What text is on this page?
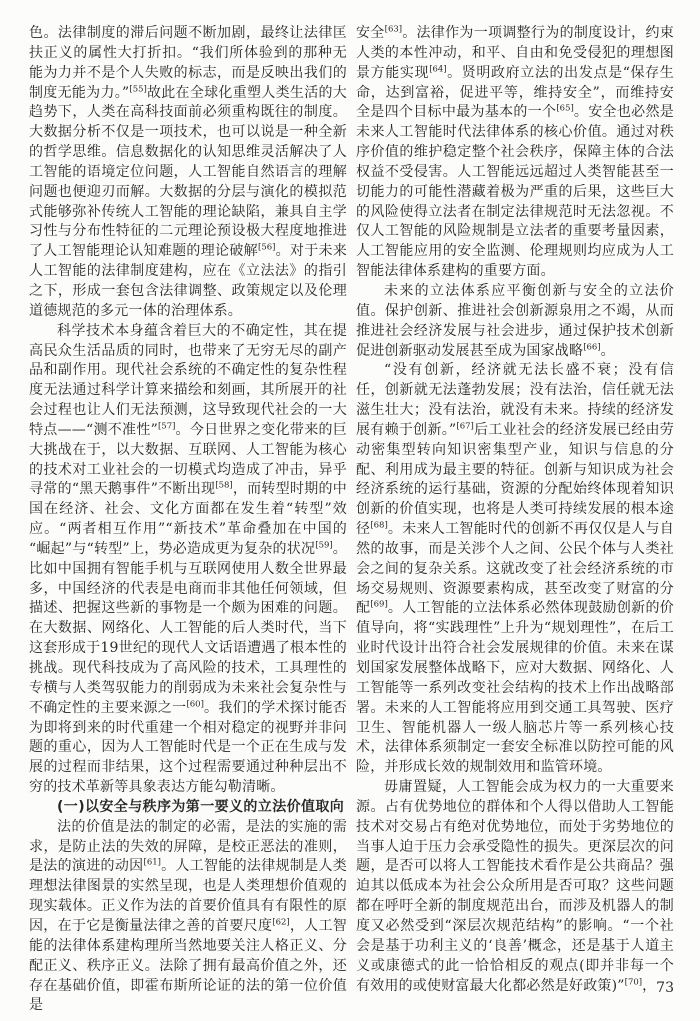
色。法律制度的滞后问题不断加剧，最终让法律匡扶正义的属性大打折扣。“我们所体验到的那种无能为力并不是个人失败的标志，而是反映出我们的制度无能为力。”[55]故此在全球化重塑人类生活的大趋势下，人类在高科技面前必须重构既往的制度。大数据分析不仅是一项技术，也可以说是一种全新的哲学思维。信息数据化的认知思维灵活解决了人工智能的语境定位问题，人工智能自然语言的理解问题也便迎刃而解。大数据的分层与演化的模拟范式能够弥补传统人工智能的理论缺陷，兼具自主学习性与分布性特征的二元理论预设极大程度地推进了人工智能理论认知难题的理论破解[56]。对于未来人工智能的法律制度建构，应在《立法法》的指引之下，形成一套包含法律调整、政策规定以及伦理道德规范的多元一体的治理体系。

科学技术本身蕴含着巨大的不确定性，其在提高民众生活品质的同时，也带来了无穷无尽的副产品和副作用。现代社会系统的不确定性的复杂性程度无法通过科学计算来描绘和刻画，其所展开的社会过程也让人们无法预测，这导致现代社会的一大特点——“测不准性”[57]。今日世界之变化带来的巨大挑战在于，以大数据、互联网、人工智能为核心的技术对工业社会的一切模式均造成了冲击，异乎寻常的“黑天鹅事件”不断出现[58]，而转型时期的中国在经济、社会、文化方面都在发生着“转型”效应。“两者相互作用”“新技术”革命叠加在中国的“崛起”与“转型”上，势必造成更为复杂的状况[59]。比如中国拥有智能手机与互联网使用人数全世界最多，中国经济的代表是电商而非其他任何领域，但描述、把握这些新的事物是一个颇为困难的问题。在大数据、网络化、人工智能的后人类时代，当下这套形成于19世纪的现代人文话语遭遇了根本性的挑战。现代科技成为了高风险的技术，工具理性的专横与人类驾驭能力的削弱成为未来社会复杂性与不确定性的主要来源之一[60]。我们的学术探讨能否为即将到来的时代重建一个相对稳定的视野并非问题的重心，因为人工智能时代是一个正在生成与发展的过程而非结果，这个过程需要通过种种层出不穷的技术革新等具象表达方能勾勒清晰。

(一)以安全与秩序为第一要义的立法价值取向

法的价值是法的制定的必需，是法的实施的需求，是防止法的失效的屏障，是校正恶法的准则，是法的演进的动因[61]。人工智能的法律规制是人类理想法律图景的实然呈现，也是人类理想价值观的现实载体。正义作为法的首要价值具有有限性的原因，在于它是衡量法律之善的首要尺度[62]，人工智能的法律体系建构理所当然地要关注人格正义、分配正义、秩序正义。法除了拥有最高价值之外，还存在基础价值，即霍布斯所论证的法的第一位价值是

安全[63]。法律作为一项调整行为的制度设计，约束人类的本性冲动，和平、自由和免受侵犯的理想图景方能实现[64]。贤明政府立法的出发点是“保存生命，达到富裕，促进平等，维持安全”，而维持安全是四个目标中最为基本的一个[65]。安全也必然是未来人工智能时代法律体系的核心价值。通过对秩序价值的维护稳定整个社会秩序，保障主体的合法权益不受侵害。人工智能远远超过人类智能甚至一切能力的可能性潜藏着极为严重的后果，这些巨大的风险使得立法者在制定法律规范时无法忽视。不仅人工智能的风险规制是立法者的重要考量因素，人工智能应用的安全监测、伦理规则均应成为人工智能法律体系建构的重要方面。

未来的立法体系应平衡创新与安全的立法价值。保护创新、推进社会创新源泉用之不竭，从而推进社会经济发展与社会进步，通过保护技术创新促进创新驱动发展甚至成为国家战略[66]。

“没有创新，经济就无法长盛不衰；没有信任，创新就无法蓬勃发展；没有法治，信任就无法滋生壮大；没有法治，就没有未来。持续的经济发展有赖于创新。”[67]后工业社会的经济发展已经由劳动密集型转向知识密集型产业，知识与信息的分配、利用成为最主要的特征。创新与知识成为社会经济系统的运行基础，资源的分配始终体现着知识创新的价值实现，也将是人类可持续发展的根本途径[68]。未来人工智能时代的创新不再仅仅是人与自然的故事，而是关涉个人之间、公民个体与人类社会之间的复杂关系。这就改变了社会经济系统的市场交易规则、资源要素构成，甚至改变了财富的分配[69]。人工智能的立法体系必然体现鼓励创新的价值导向，将“实践理性”上升为“规划理性”，在后工业时代设计出符合社会发展规律的价值。未来在谋划国家发展整体战略下，应对大数据、网络化、人工智能等一系列改变社会结构的技术上作出战略部署。未来的人工智能将应用到交通工具驾驶、医疗卫生、智能机器人一级人脑芯片等一系列核心技术，法律体系须制定一套安全标准以防控可能的风险，并形成长效的规制效用和监管环境。

毋庸置疑，人工智能会成为权力的一大重要来源。占有优势地位的群体和个人得以借助人工智能技术对交易占有绝对优势地位，而处于劣势地位的当事人迫于压力会承受隐性的损失。更深层次的问题，是否可以将人工智能技术看作是公共商品？强迫其以低成本为社会公众所用是否可取？这些问题都在呼吁全新的制度规范出台，而涉及机器人的制度又必然受到“深层次规范结构”的影响。“一个社会是基于功利主义的‘良善’概念，还是基于人道主义或康德式的此一恰恰相反的观点(即并非每一个有效用的或使财富最大化都必然是好政策)”[70]， 73
